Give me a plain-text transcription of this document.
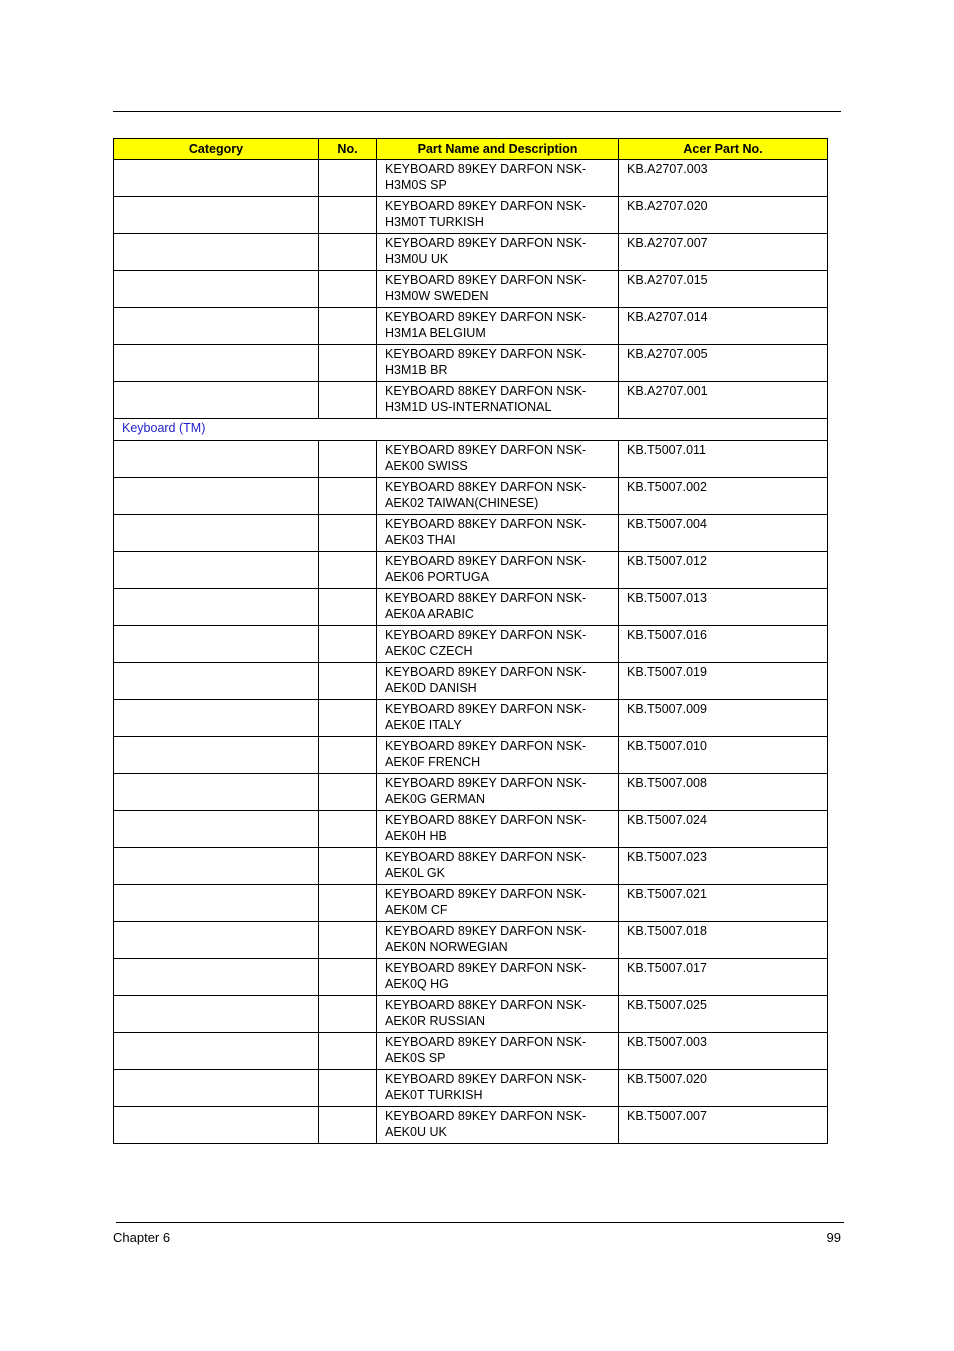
Category	No.	Part Name and Description	Acer Part No.
		KEYBOARD 89KEY DARFON NSK-H3M0S SP	KB.A2707.003
		KEYBOARD 89KEY DARFON NSK-H3M0T TURKISH	KB.A2707.020
		KEYBOARD 89KEY DARFON NSK-H3M0U UK	KB.A2707.007
		KEYBOARD 89KEY DARFON NSK-H3M0W SWEDEN	KB.A2707.015
		KEYBOARD 89KEY DARFON NSK-H3M1A BELGIUM	KB.A2707.014
		KEYBOARD 89KEY DARFON NSK-H3M1B BR	KB.A2707.005
		KEYBOARD 88KEY DARFON NSK-H3M1D US-INTERNATIONAL	KB.A2707.001
Keyboard (TM)			
		KEYBOARD 89KEY DARFON NSK-AEK00 SWISS	KB.T5007.011
		KEYBOARD 88KEY DARFON NSK-AEK02 TAIWAN(CHINESE)	KB.T5007.002
		KEYBOARD 88KEY DARFON NSK-AEK03 THAI	KB.T5007.004
		KEYBOARD 89KEY DARFON NSK-AEK06 PORTUGA	KB.T5007.012
		KEYBOARD 88KEY DARFON NSK-AEK0A ARABIC	KB.T5007.013
		KEYBOARD 89KEY DARFON NSK-AEK0C CZECH	KB.T5007.016
		KEYBOARD 89KEY DARFON NSK-AEK0D DANISH	KB.T5007.019
		KEYBOARD 89KEY DARFON NSK-AEK0E ITALY	KB.T5007.009
		KEYBOARD 89KEY DARFON NSK-AEK0F FRENCH	KB.T5007.010
		KEYBOARD 89KEY DARFON NSK-AEK0G GERMAN	KB.T5007.008
		KEYBOARD 88KEY DARFON NSK-AEK0H HB	KB.T5007.024
		KEYBOARD 88KEY DARFON NSK-AEK0L GK	KB.T5007.023
		KEYBOARD 89KEY DARFON NSK-AEK0M CF	KB.T5007.021
		KEYBOARD 89KEY DARFON NSK-AEK0N NORWEGIAN	KB.T5007.018
		KEYBOARD 89KEY DARFON NSK-AEK0Q HG	KB.T5007.017
		KEYBOARD 88KEY DARFON NSK-AEK0R RUSSIAN	KB.T5007.025
		KEYBOARD 89KEY DARFON NSK-AEK0S SP	KB.T5007.003
		KEYBOARD 89KEY DARFON NSK-AEK0T TURKISH	KB.T5007.020
		KEYBOARD 89KEY DARFON NSK-AEK0U UK	KB.T5007.007
Chapter 6	99
